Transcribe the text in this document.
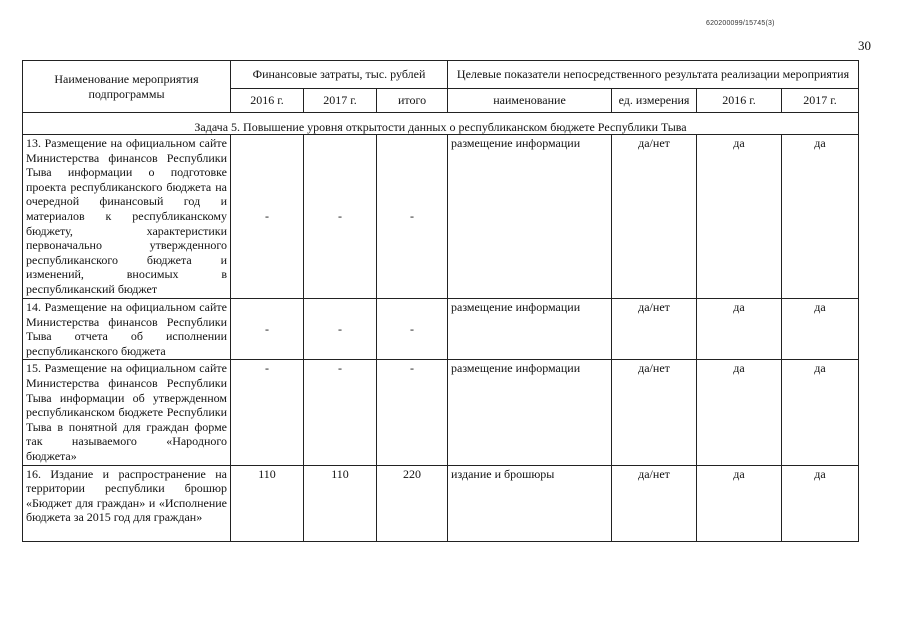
620200099/15745(3)
30
Наименование мероприятия подпрограммы	Финансовые затраты, тыс. рублей			Целевые показатели непосредственного результата реализации мероприятия			
	2016 г.	2017 г.	итого	наименование	ед. измерения	2016 г.	2017 г.

Задача 5. Повышение уровня открытости данных о республиканском бюджете Республики Тыва							
13. Размещение на официальном сайте Министерства финансов Республики Тыва информации о подготовке проекта республиканского бюджета на очередной финансовый год и материалов к республиканскому бюджету, характеристики первоначально утвержденного республиканского бюджета и изменений, вносимых в республиканский бюджет	-	-	-	размещение информации	да/нет	да	да
14. Размещение на официальном сайте Министерства финансов Республики Тыва отчета об исполнении республиканского бюджета	-	-	-	размещение информации	да/нет	да	да
15. Размещение на официальном сайте Министерства финансов Республики Тыва информации об утвержденном республиканском бюджете Республики Тыва в понятной для граждан форме так называемого «Народного бюджета»	-	-	-	размещение информации	да/нет	да	да
16. Издание и распространение на территории республики брошюр «Бюджет для граждан» и «Исполнение бюджета за 2015 год для граждан»	110	110	220	издание и брошюры	да/нет	да	да
